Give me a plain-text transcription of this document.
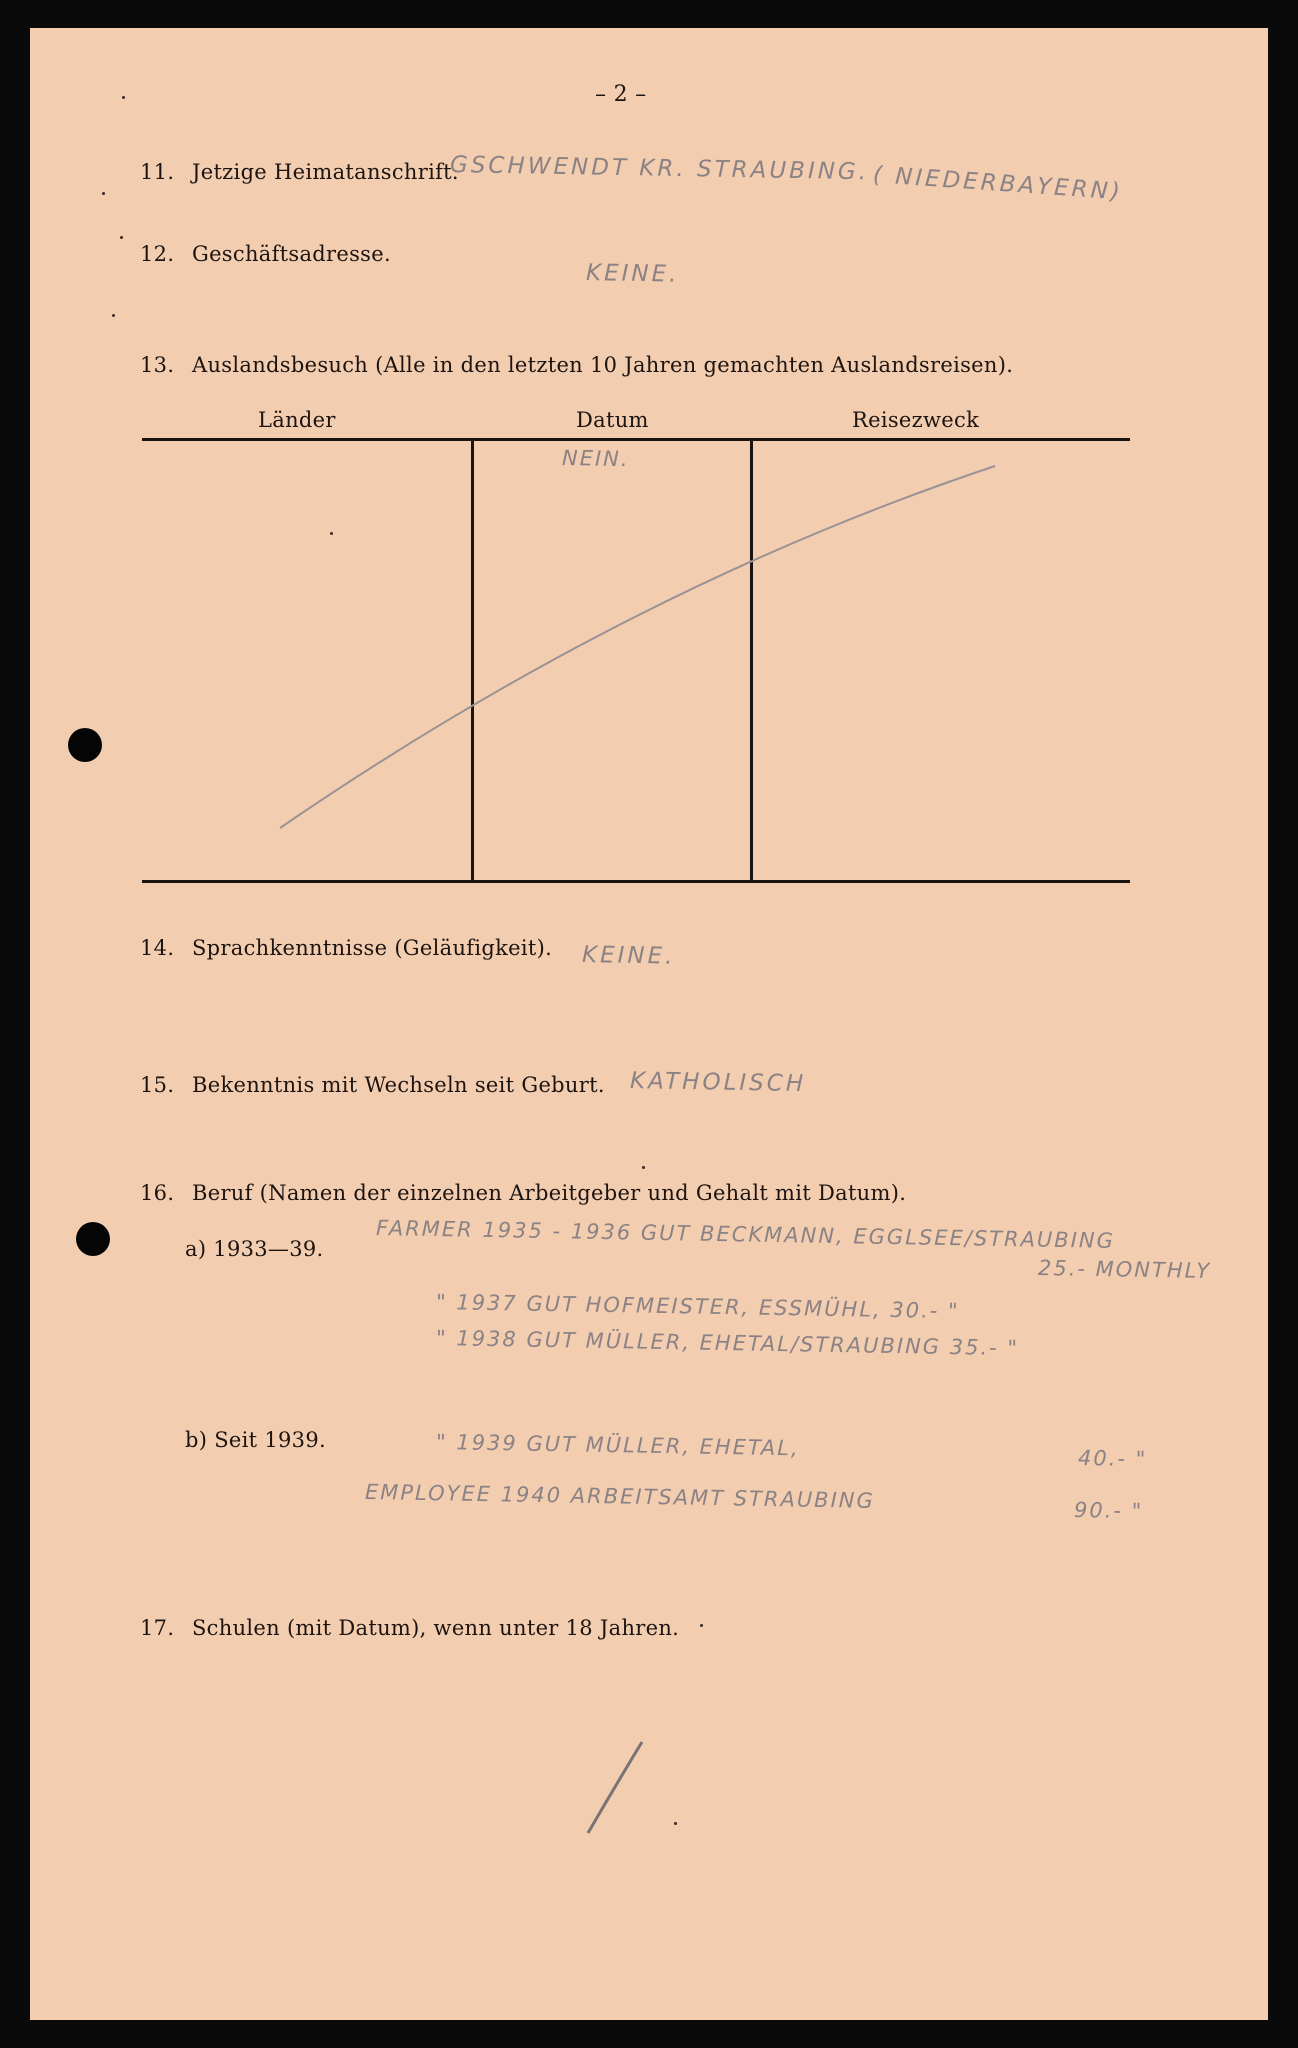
– 2 –
11. Jetzige Heimatanschrift.
GSCHWENDT KR. STRAUBING. ( NIEDERBAYERN)
12. Geschäftsadresse.
KEINE.
13. Auslandsbesuch (Alle in den letzten 10 Jahren gemachten Auslandsreisen).
Länder	Datum	Reisezweck
NEIN.
14. Sprachkenntnisse (Geläufigkeit). KEINE.
15. Bekenntnis mit Wechseln seit Geburt. KATHOLISCH
16. Beruf (Namen der einzelnen Arbeitgeber und Gehalt mit Datum).
a) 1933—39. FARMER 1935 - 1936 GUT BECKMANN, EGGLSEE/STRAUBING
25.- MONTHLY
" 1937 GUT HOFMEISTER, ESSMÜHL, 30.- "
" 1938 GUT MÜLLER, EHETAL/STRAUBING 35.- "
b) Seit 1939.	" 1939 GUT MÜLLER, EHETAL,	40.- "
EMPLOYEE 1940 ARBEITSAMT STRAUBING	90.- "
17. Schulen (mit Datum), wenn unter 18 Jahren.
